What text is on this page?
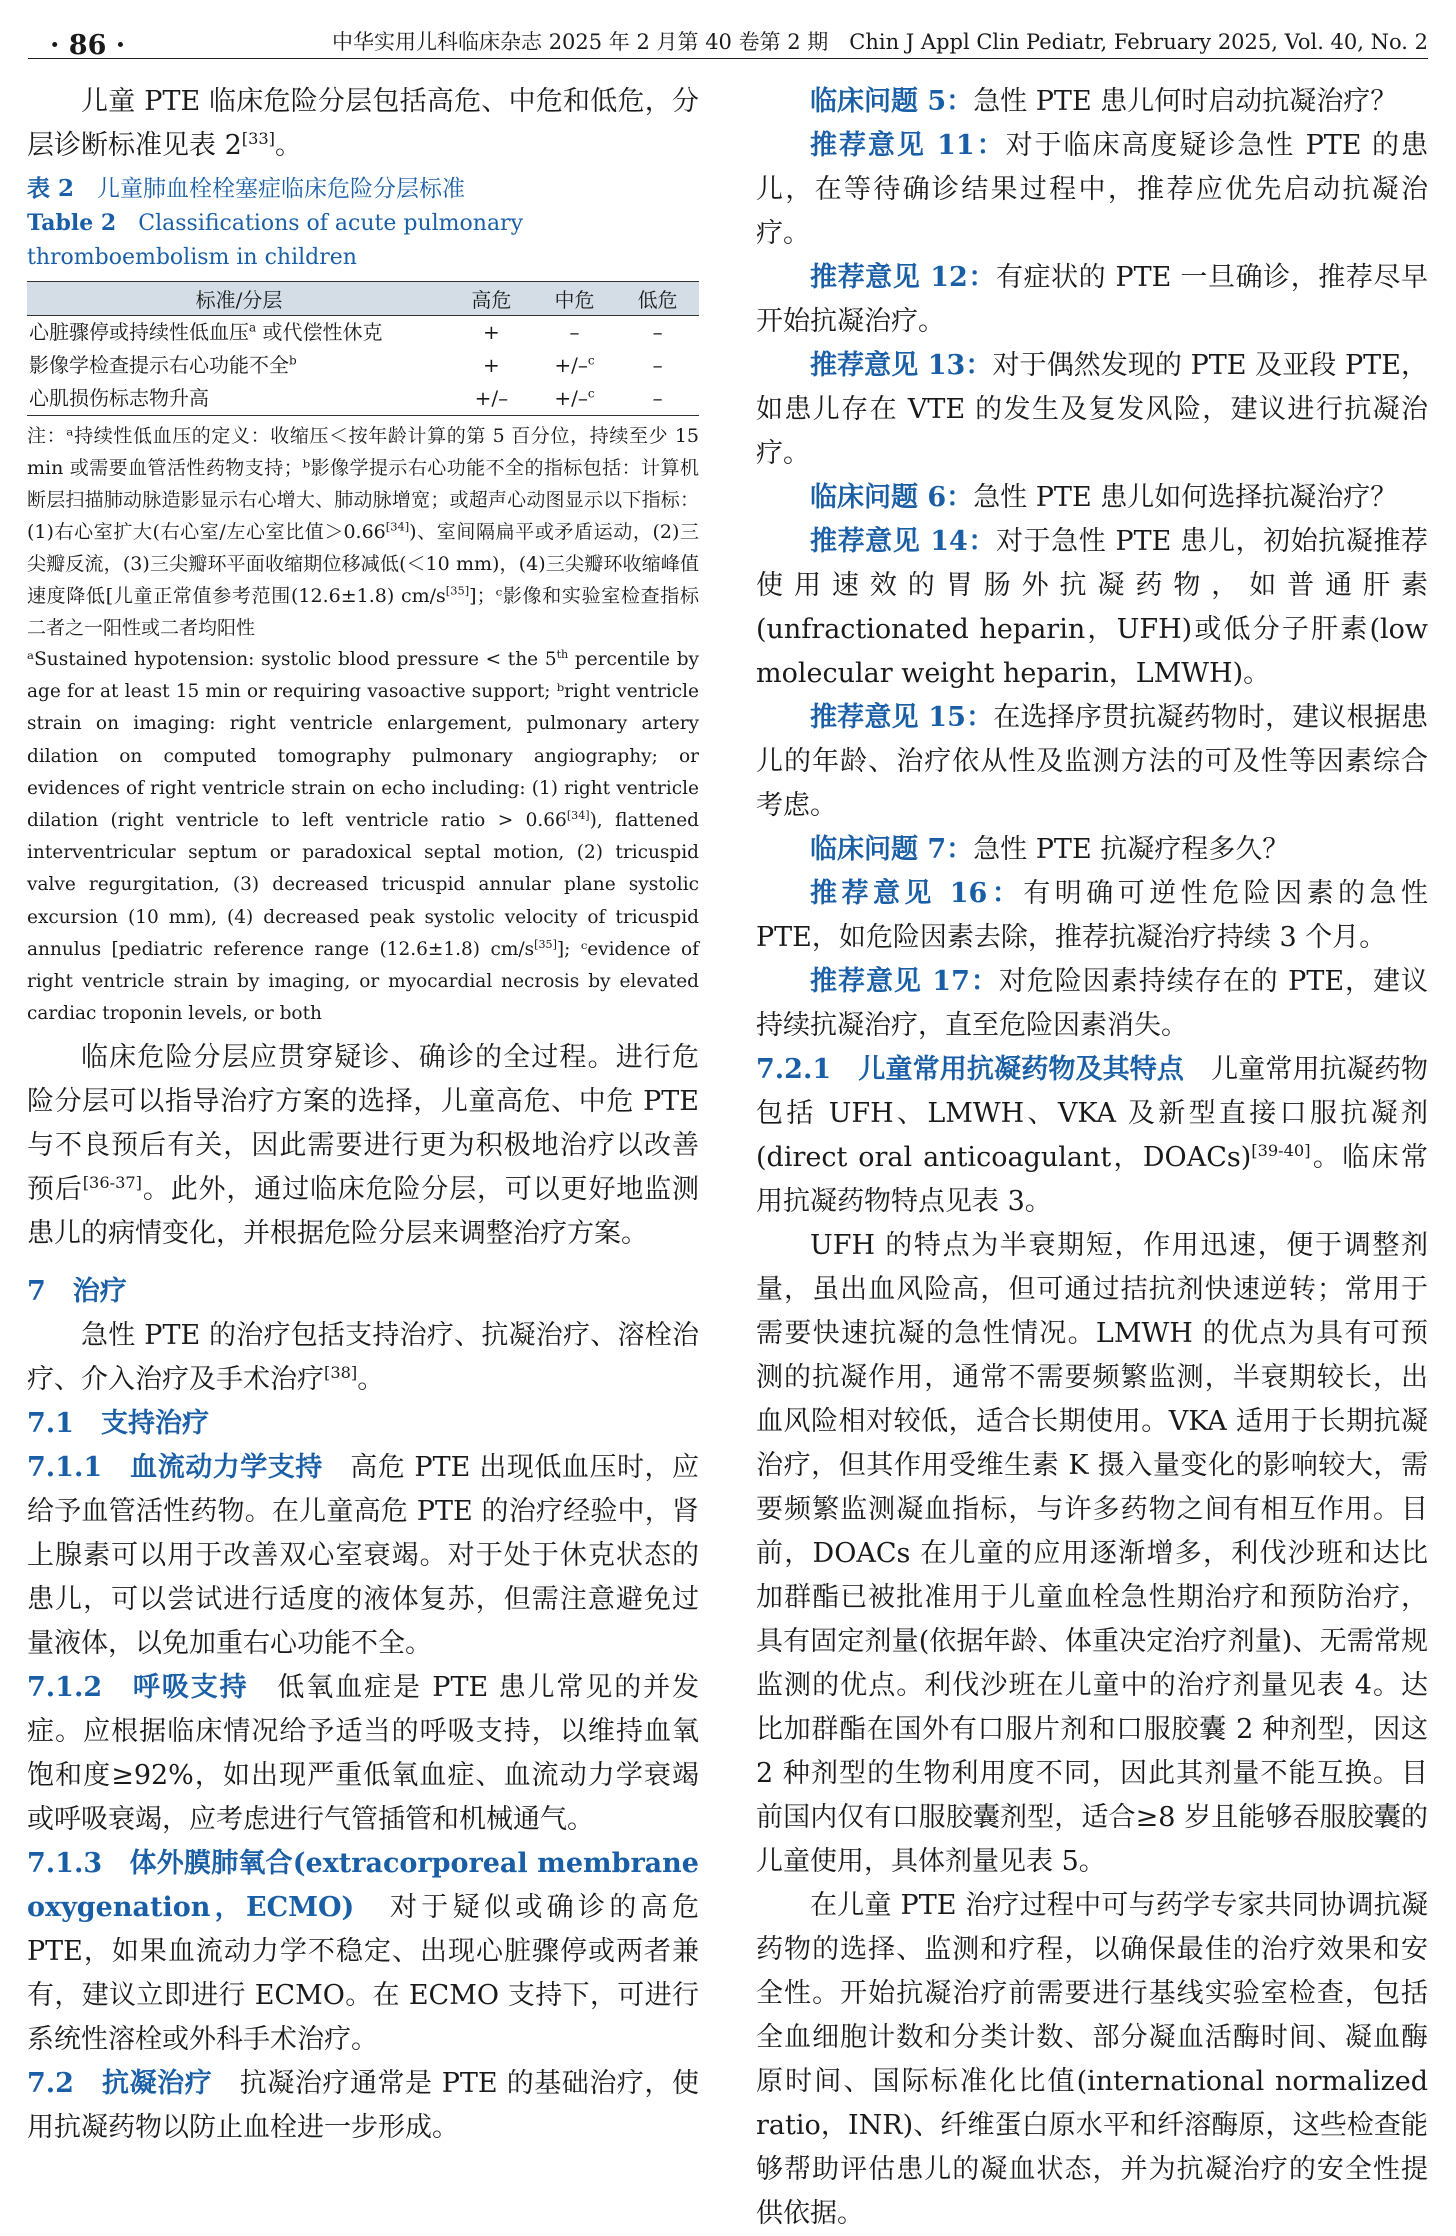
· 86 ·	中华实用儿科临床杂志 2025 年 2 月第 40 卷第 2 期　Chin J Appl Clin Pediatr, February 2025, Vol. 40, No. 2

儿童 PTE 临床危险分层包括高危、中危和低危，分层诊断标准见表 2[33]。

表 2　 儿童肺血栓栓塞症临床危险分层标准
Table 2　 Classifications of acute pulmonary thromboembolism in children
标准/分层	高危	中危	低危
心脏骤停或持续性低血压$^a$ 或代偿性休克	+	–	–
影像学检查提示右心功能不全$^b$	+	+/–$^c$	–
心肌损伤标志物升高	+/–	+/–$^c$	–
注：ᵃ持续性低血压的定义：收缩压＜按年龄计算的第 5 百分位，持续至少 15 min 或需要血管活性药物支持；ᵇ影像学提示右心功能不全的指标包括：计算机断层扫描肺动脉造影显示右心增大、肺动脉增宽；或超声心动图显示以下指标：(1)右心室扩大(右心室/左心室比值＞0.66[34])、室间隔扁平或矛盾运动，(2)三尖瓣反流，(3)三尖瓣环平面收缩期位移减低(＜10 mm)，(4)三尖瓣环收缩峰值速度降低[儿童正常值参考范围(12.6±1.8) cm/s[35]]；ᶜ影像和实验室检查指标二者之一阳性或二者均阳性
ᵃSustained hypotension: systolic blood pressure < the 5th percentile by age for at least 15 min or requiring vasoactive support; ᵇright ventricle strain on imaging: right ventricle enlargement, pulmonary artery dilation on computed tomography pulmonary angiography; or evidences of right ventricle strain on echo including: (1) right ventricle dilation (right ventricle to left ventricle ratio > 0.66[34]), flattened interventricular septum or paradoxical septal motion, (2) tricuspid valve regurgitation, (3) decreased tricuspid annular plane systolic excursion (10 mm), (4) decreased peak systolic velocity of tricuspid annulus [pediatric reference range (12.6±1.8) cm/s[35]]; ᶜevidence of right ventricle strain by imaging, or myocardial necrosis by elevated cardiac troponin levels, or both

临床危险分层应贯穿疑诊、确诊的全过程。进行危险分层可以指导治疗方案的选择，儿童高危、中危 PTE 与不良预后有关，因此需要进行更为积极地治疗以改善预后[36-37]。此外，通过临床危险分层，可以更好地监测患儿的病情变化，并根据危险分层来调整治疗方案。

7　治疗

急性 PTE 的治疗包括支持治疗、抗凝治疗、溶栓治疗、介入治疗及手术治疗[38]。

7.1　支持治疗

7.1.1　血流动力学支持　 高危 PTE 出现低血压时，应给予血管活性药物。在儿童高危 PTE 的治疗经验中，肾上腺素可以用于改善双心室衰竭。对于处于休克状态的患儿，可以尝试进行适度的液体复苏，但需注意避免过量液体，以免加重右心功能不全。

7.1.2　呼吸支持　 低氧血症是 PTE 患儿常见的并发症。应根据临床情况给予适当的呼吸支持，以维持血氧饱和度≥92%，如出现严重低氧血症、血流动力学衰竭或呼吸衰竭，应考虑进行气管插管和机械通气。

7.1.3　体外膜肺氧合(extracorporeal membrane oxygenation，ECMO)　 对于疑似或确诊的高危 PTE，如果血流动力学不稳定、出现心脏骤停或两者兼有，建议立即进行 ECMO。在 ECMO 支持下，可进行系统性溶栓或外科手术治疗。

7.2　抗凝治疗　 抗凝治疗通常是 PTE 的基础治疗，使用抗凝药物以防止血栓进一步形成。

临床问题 5：急性 PTE 患儿何时启动抗凝治疗？

推荐意见 11：对于临床高度疑诊急性 PTE 的患儿，在等待确诊结果过程中，推荐应优先启动抗凝治疗。

推荐意见 12：有症状的 PTE 一旦确诊，推荐尽早开始抗凝治疗。

推荐意见 13：对于偶然发现的 PTE 及亚段 PTE，如患儿存在 VTE 的发生及复发风险，建议进行抗凝治疗。

临床问题 6：急性 PTE 患儿如何选择抗凝治疗？

推荐意见 14：对于急性 PTE 患儿，初始抗凝推荐使用速效的胃肠外抗凝药物，如普通肝素(unfractionated heparin，UFH)或低分子肝素(low molecular weight heparin，LMWH)。

推荐意见 15：在选择序贯抗凝药物时，建议根据患儿的年龄、治疗依从性及监测方法的可及性等因素综合考虑。

临床问题 7：急性 PTE 抗凝疗程多久？

推荐意见 16：有明确可逆性危险因素的急性 PTE，如危险因素去除，推荐抗凝治疗持续 3 个月。

推荐意见 17：对危险因素持续存在的 PTE，建议持续抗凝治疗，直至危险因素消失。

7.2.1　儿童常用抗凝药物及其特点　 儿童常用抗凝药物包括 UFH、LMWH、VKA 及新型直接口服抗凝剂(direct oral anticoagulant，DOACs)[39-40]。临床常用抗凝药物特点见表 3。

UFH 的特点为半衰期短，作用迅速，便于调整剂量，虽出血风险高，但可通过拮抗剂快速逆转；常用于需要快速抗凝的急性情况。LMWH 的优点为具有可预测的抗凝作用，通常不需要频繁监测，半衰期较长，出血风险相对较低，适合长期使用。VKA 适用于长期抗凝治疗，但其作用受维生素 K 摄入量变化的影响较大，需要频繁监测凝血指标，与许多药物之间有相互作用。目前，DOACs 在儿童的应用逐渐增多，利伐沙班和达比加群酯已被批准用于儿童血栓急性期治疗和预防治疗，具有固定剂量(依据年龄、体重决定治疗剂量)、无需常规监测的优点。利伐沙班在儿童中的治疗剂量见表 4。达比加群酯在国外有口服片剂和口服胶囊 2 种剂型，因这 2 种剂型的生物利用度不同，因此其剂量不能互换。目前国内仅有口服胶囊剂型，适合≥8 岁且能够吞服胶囊的儿童使用，具体剂量见表 5。

在儿童 PTE 治疗过程中可与药学专家共同协调抗凝药物的选择、监测和疗程，以确保最佳的治疗效果和安全性。开始抗凝治疗前需要进行基线实验室检查，包括全血细胞计数和分类计数、部分凝血活酶时间、凝血酶原时间、国际标准化比值(international normalized ratio，INR)、纤维蛋白原水平和纤溶酶原，这些检查能够帮助评估患儿的凝血状态，并为抗凝治疗的安全性提供依据。
